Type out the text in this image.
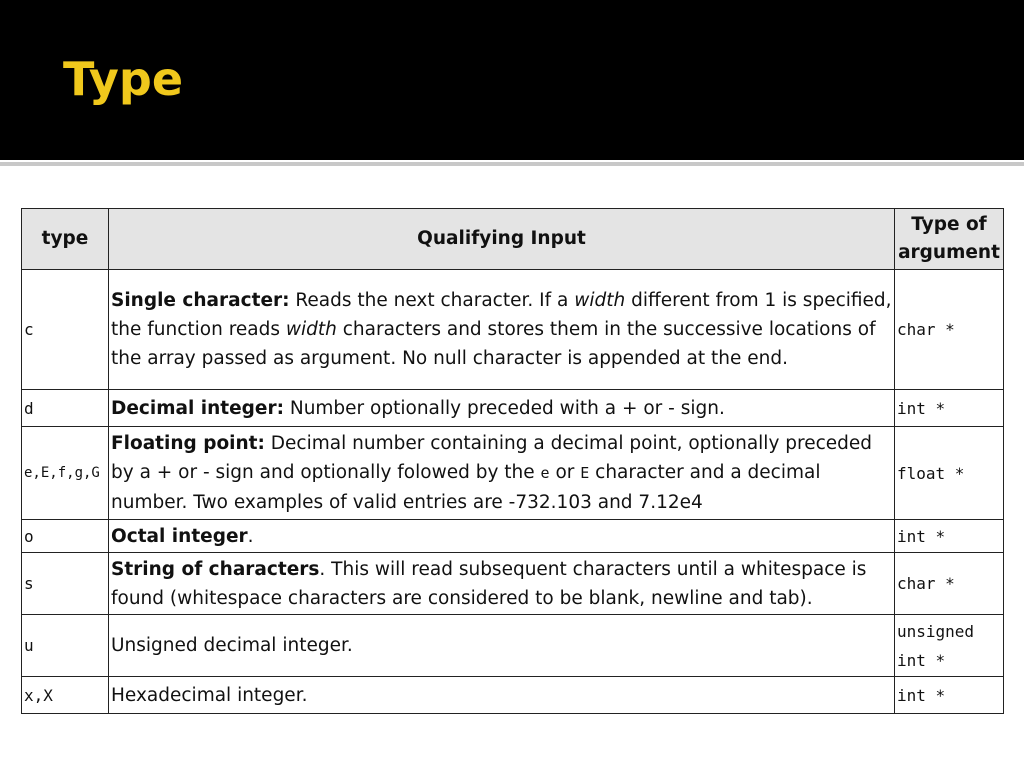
Type
type	Qualifying Input	Type of argument
c	Single character: Reads the next character. If a width different from 1 is specified, the function reads width characters and stores them in the successive locations of the array passed as argument. No null character is appended at the end.	char *
d	Decimal integer: Number optionally preceded with a + or - sign.	int *
e,E,f,g,G	Floating point: Decimal number containing a decimal point, optionally preceded by a + or - sign and optionally folowed by the e or E character and a decimal number. Two examples of valid entries are -732.103 and 7.12e4	float *
o	Octal integer.	int *
s	String of characters. This will read subsequent characters until a whitespace is found (whitespace characters are considered to be blank, newline and tab).	char *
u	Unsigned decimal integer.	unsigned int *
x,X	Hexadecimal integer.	int *
